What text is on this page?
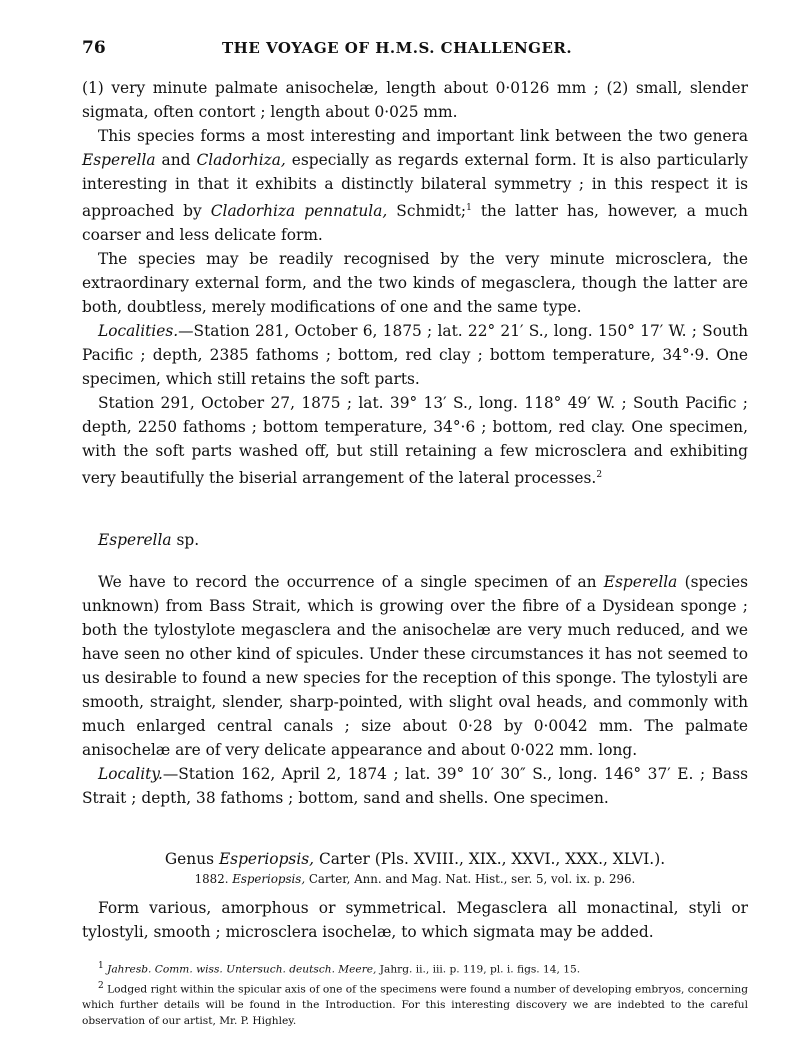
76	THE VOYAGE OF H.M.S. CHALLENGER.

(1) very minute palmate anisochelæ, length about 0·0126 mm ; (2) small, slender sigmata, often contort ; length about 0·025 mm.

This species forms a most interesting and important link between the two genera Esperella and Cladorhiza, especially as regards external form. It is also particularly interesting in that it exhibits a distinctly bilateral symmetry ; in this respect it is approached by Cladorhiza pennatula, Schmidt;$^1$ the latter has, however, a much coarser and less delicate form.

The species may be readily recognised by the very minute microsclera, the extraordinary external form, and the two kinds of megasclera, though the latter are both, doubtless, merely modifications of one and the same type.

Localities.—Station 281, October 6, 1875 ; lat. 22° 21′ S., long. 150° 17′ W. ; South Pacific ; depth, 2385 fathoms ; bottom, red clay ; bottom temperature, 34°·9. One specimen, which still retains the soft parts.

Station 291, October 27, 1875 ; lat. 39° 13′ S., long. 118° 49′ W. ; South Pacific ; depth, 2250 fathoms ; bottom temperature, 34°·6 ; bottom, red clay. One specimen, with the soft parts washed off, but still retaining a few microsclera and exhibiting very beautifully the biserial arrangement of the lateral processes.$^2$

Esperella sp.

We have to record the occurrence of a single specimen of an Esperella (species unknown) from Bass Strait, which is growing over the fibre of a Dysidean sponge ; both the tylostylote megasclera and the anisochelæ are very much reduced, and we have seen no other kind of spicules. Under these circumstances it has not seemed to us desirable to found a new species for the reception of this sponge. The tylostyli are smooth, straight, slender, sharp-pointed, with slight oval heads, and commonly with much enlarged central canals ; size about 0·28 by 0·0042 mm. The palmate anisochelæ are of very delicate appearance and about 0·022 mm. long.

Locality.—Station 162, April 2, 1874 ; lat. 39° 10′ 30″ S., long. 146° 37′ E. ; Bass Strait ; depth, 38 fathoms ; bottom, sand and shells. One specimen.

Genus Esperiopsis, Carter (Pls. XVIII., XIX., XXVI., XXX., XLVI.).
1882. Esperiopsis, Carter, Ann. and Mag. Nat. Hist., ser. 5, vol. ix. p. 296.

Form various, amorphous or symmetrical. Megasclera all monactinal, styli or tylostyli, smooth ; microsclera isochelæ, to which sigmata may be added.

$^1$ Jahresb. Comm. wiss. Untersuch. deutsch. Meere, Jahrg. ii., iii. p. 119, pl. i. figs. 14, 15.

$^2$ Lodged right within the spicular axis of one of the specimens were found a number of developing embryos, concerning which further details will be found in the Introduction. For this interesting discovery we are indebted to the careful observation of our artist, Mr. P. Highley.
